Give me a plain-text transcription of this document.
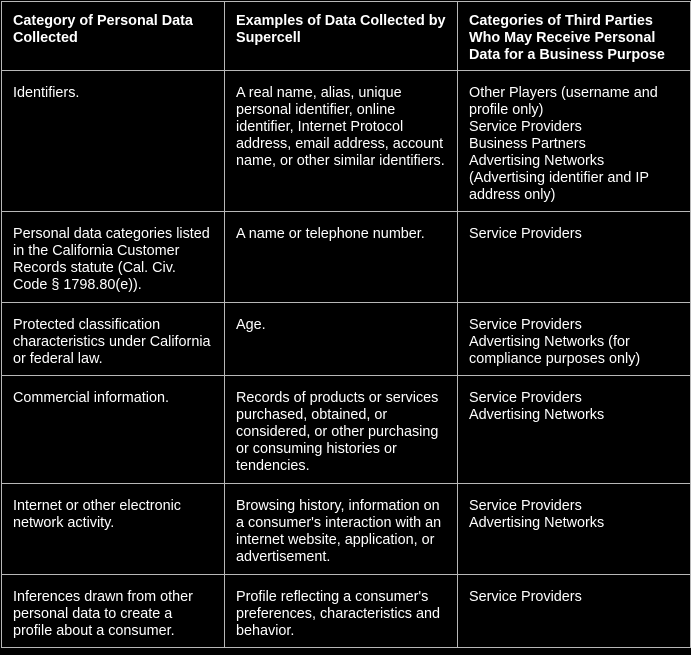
Category of Personal Data Collected	Examples of Data Collected by Supercell	Categories of Third Parties Who May Receive Personal Data for a Business Purpose
Identifiers.	A real name, alias, unique personal identifier, online identifier, Internet Protocol address, email address, account name, or other similar identifiers.	Other Players (username and profile only)
Service Providers
Business Partners
Advertising Networks (Advertising identifier and IP address only)

Personal data categories listed in the California Customer Records statute (Cal. Civ. Code § 1798.80(e)).	A name or telephone number.	Service Providers

Protected classification characteristics under California or federal law.	Age.	Service Providers
Advertising Networks (for compliance purposes only)

Commercial information.	Records of products or services purchased, obtained, or considered, or other purchasing or consuming histories or tendencies.	Service Providers
Advertising Networks

Internet or other electronic network activity.	Browsing history, information on a consumer's interaction with an internet website, application, or advertisement.	Service Providers
Advertising Networks

Inferences drawn from other personal data to create a profile about a consumer.	Profile reflecting a consumer's preferences, characteristics and behavior.	Service Providers
